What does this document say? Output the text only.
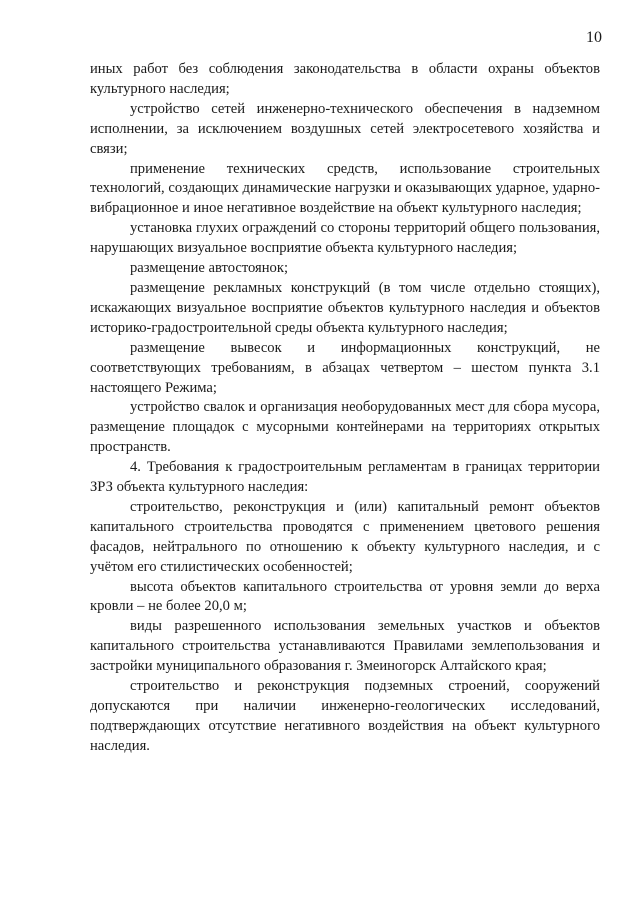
10

иных работ без соблюдения законодательства в области охраны объектов культурного наследия;

устройство сетей инженерно-технического обеспечения в надземном исполнении, за исключением воздушных сетей электросетевого хозяйства и связи;

применение технических средств, использование строительных технологий, создающих динамические нагрузки и оказывающих ударное, ударно-вибрационное и иное негативное воздействие на объект культурного наследия;

установка глухих ограждений со стороны территорий общего пользования, нарушающих визуальное восприятие объекта культурного наследия;

размещение автостоянок;

размещение рекламных конструкций (в том числе отдельно стоящих), искажающих визуальное восприятие объектов культурного наследия и объектов историко-градостроительной среды объекта культурного наследия;

размещение вывесок и информационных конструкций, не соответствующих требованиям, в абзацах четвертом – шестом пункта 3.1 настоящего Режима;

устройство свалок и организация необорудованных мест для сбора мусора, размещение площадок с мусорными контейнерами на территориях открытых пространств.

4. Требования к градостроительным регламентам в границах территории ЗРЗ объекта культурного наследия:

строительство, реконструкция и (или) капитальный ремонт объектов капитального строительства проводятся с применением цветового решения фасадов, нейтрального по отношению к объекту культурного наследия, и с учётом его стилистических особенностей;

высота объектов капитального строительства от уровня земли до верха кровли – не более 20,0 м;

виды разрешенного использования земельных участков и объектов капитального строительства устанавливаются Правилами землепользования и застройки муниципального образования г. Змеиногорск Алтайского края;

строительство и реконструкция подземных строений, сооружений допускаются при наличии инженерно-геологических исследований, подтверждающих отсутствие негативного воздействия на объект культурного наследия.
